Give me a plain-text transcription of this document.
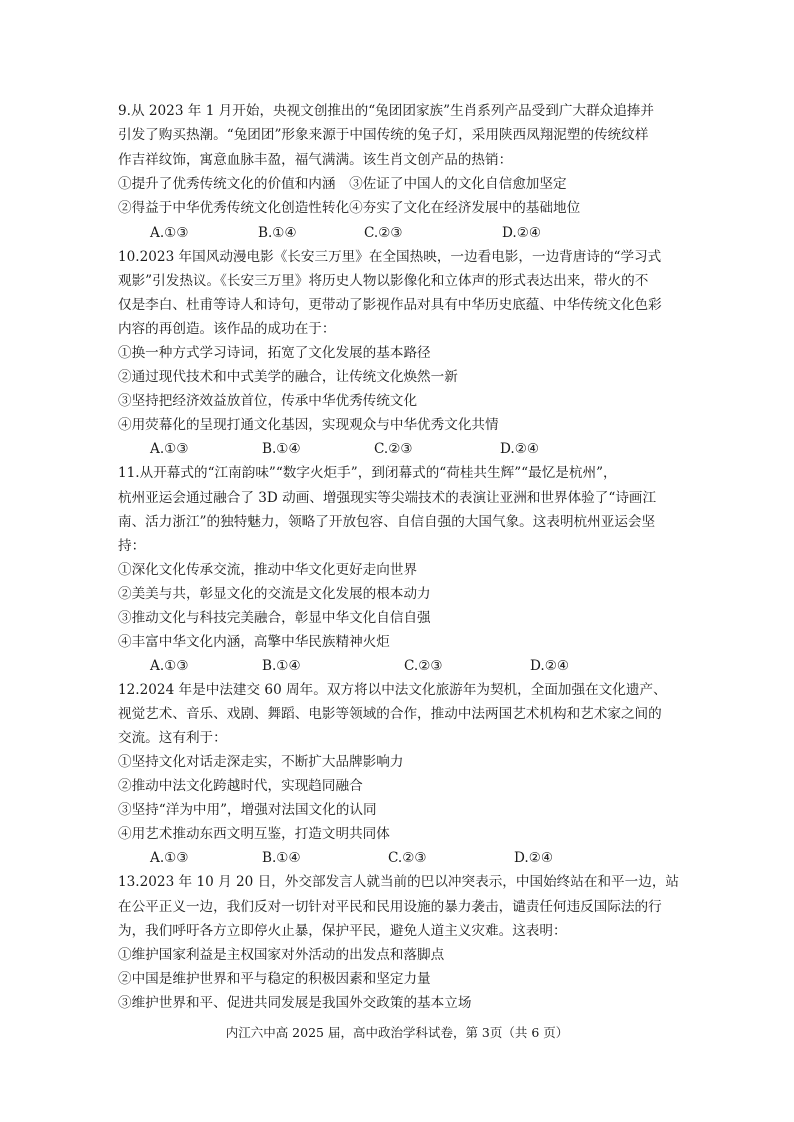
9.从 2023 年 1 月开始，央视文创推出的“兔团团家族”生肖系列产品受到广大群众追捧并
引发了购买热潮。“兔团团”形象来源于中国传统的兔子灯，采用陕西凤翔泥塑的传统纹样
作吉祥纹饰，寓意血脉丰盈，福气满满。该生肖文创产品的热销：
①提升了优秀传统文化的价值和内涵　③佐证了中国人的文化自信愈加坚定
②得益于中华优秀传统文化创造性转化④夯实了文化在经济发展中的基础地位
A.①③	B.①④	C.②③	D.②④
10.2023 年国风动漫电影《长安三万里》在全国热映，一边看电影，一边背唐诗的“学习式
观影”引发热议。《长安三万里》将历史人物以影像化和立体声的形式表达出来，带火的不
仅是李白、杜甫等诗人和诗句，更带动了影视作品对具有中华历史底蕴、中华传统文化色彩
内容的再创造。该作品的成功在于：
①换一种方式学习诗词，拓宽了文化发展的基本路径
②通过现代技术和中式美学的融合，让传统文化焕然一新
③坚持把经济效益放首位，传承中华优秀传统文化
④用荧幕化的呈现打通文化基因，实现观众与中华优秀文化共情
A.①③	B.①④	C.②③	D.②④
11.从开幕式的“江南韵味”“数字火炬手”，到闭幕式的“荷桂共生辉”“最忆是杭州”，
杭州亚运会通过融合了 3D 动画、增强现实等尖端技术的表演让亚洲和世界体验了“诗画江
南、活力浙江”的独特魅力，领略了开放包容、自信自强的大国气象。这表明杭州亚运会坚
持：
①深化文化传承交流，推动中华文化更好走向世界
②美美与共，彰显文化的交流是文化发展的根本动力
③推动文化与科技完美融合，彰显中华文化自信自强
④丰富中华文化内涵，高擎中华民族精神火炬
A.①③	B.①④	C.②③	D.②④
12.2024 年是中法建交 60 周年。双方将以中法文化旅游年为契机，全面加强在文化遗产、
视觉艺术、音乐、戏剧、舞蹈、电影等领域的合作，推动中法两国艺术机构和艺术家之间的
交流。这有利于：
①坚持文化对话走深走实，不断扩大品牌影响力
②推动中法文化跨越时代，实现趋同融合
③坚持“洋为中用”，增强对法国文化的认同
④用艺术推动东西文明互鉴，打造文明共同体
A.①③	B.①④	C.②③	D.②④
13.2023 年 10 月 20 日，外交部发言人就当前的巴以冲突表示，中国始终站在和平一边，站
在公平正义一边，我们反对一切针对平民和民用设施的暴力袭击，谴责任何违反国际法的行
为，我们呼吁各方立即停火止暴，保护平民，避免人道主义灾难。这表明：
①维护国家利益是主权国家对外活动的出发点和落脚点
②中国是维护世界和平与稳定的积极因素和坚定力量
③维护世界和平、促进共同发展是我国外交政策的基本立场
内江六中高 2025 届，高中政治学科试卷，第 3页（共 6 页）
